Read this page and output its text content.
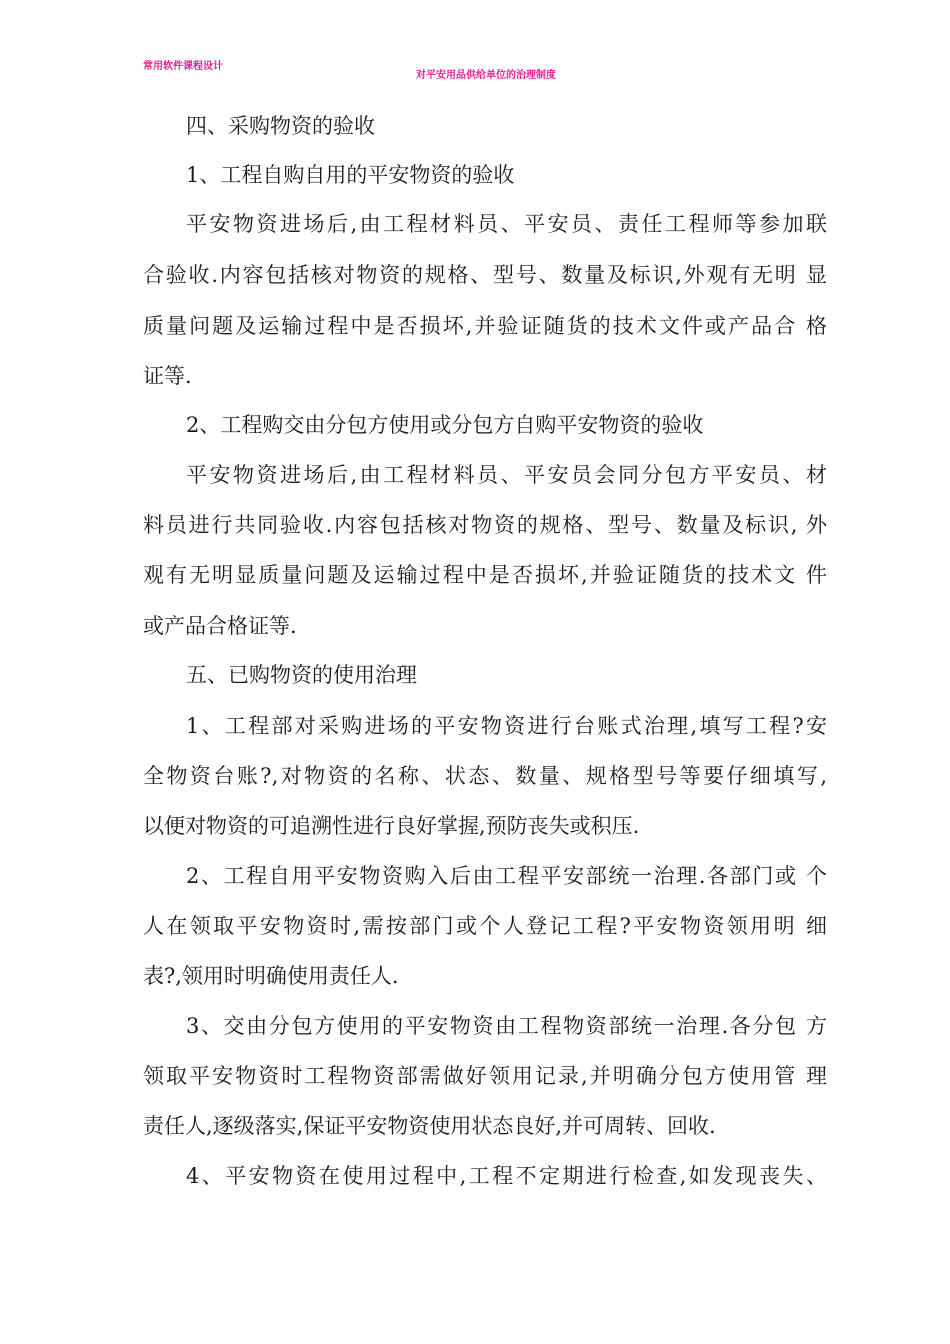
常用软件课程设计
对平安用品供给单位的治理制度

四、采购物资的验收

1、工程自购自用的平安物资的验收

平安物资进场后,由工程材料员、平安员、责任工程师等参加联

合验收.内容包括核对物资的规格、型号、数量及标识,外观有无明 显

质量问题及运输过程中是否损坏,并验证随货的技术文件或产品合 格

证等.

2、工程购交由分包方使用或分包方自购平安物资的验收

平安物资进场后,由工程材料员、平安员会同分包方平安员、材

料员进行共同验收.内容包括核对物资的规格、型号、数量及标识, 外

观有无明显质量问题及运输过程中是否损坏,并验证随货的技术文 件

或产品合格证等.

五、已购物资的使用治理

1、工程部对采购进场的平安物资进行台账式治理,填写工程?安

全物资台账?,对物资的名称、状态、数量、规格型号等要仔细填写,

以便对物资的可追溯性进行良好掌握,预防丧失或积压.

2、工程自用平安物资购入后由工程平安部统一治理.各部门或 个

人在领取平安物资时,需按部门或个人登记工程?平安物资领用明 细

表?,领用时明确使用责任人.

3、交由分包方使用的平安物资由工程物资部统一治理.各分包 方

领取平安物资时工程物资部需做好领用记录,并明确分包方使用管 理

责任人,逐级落实,保证平安物资使用状态良好,并可周转、回收.

4、平安物资在使用过程中,工程不定期进行检查,如发现丧失、
